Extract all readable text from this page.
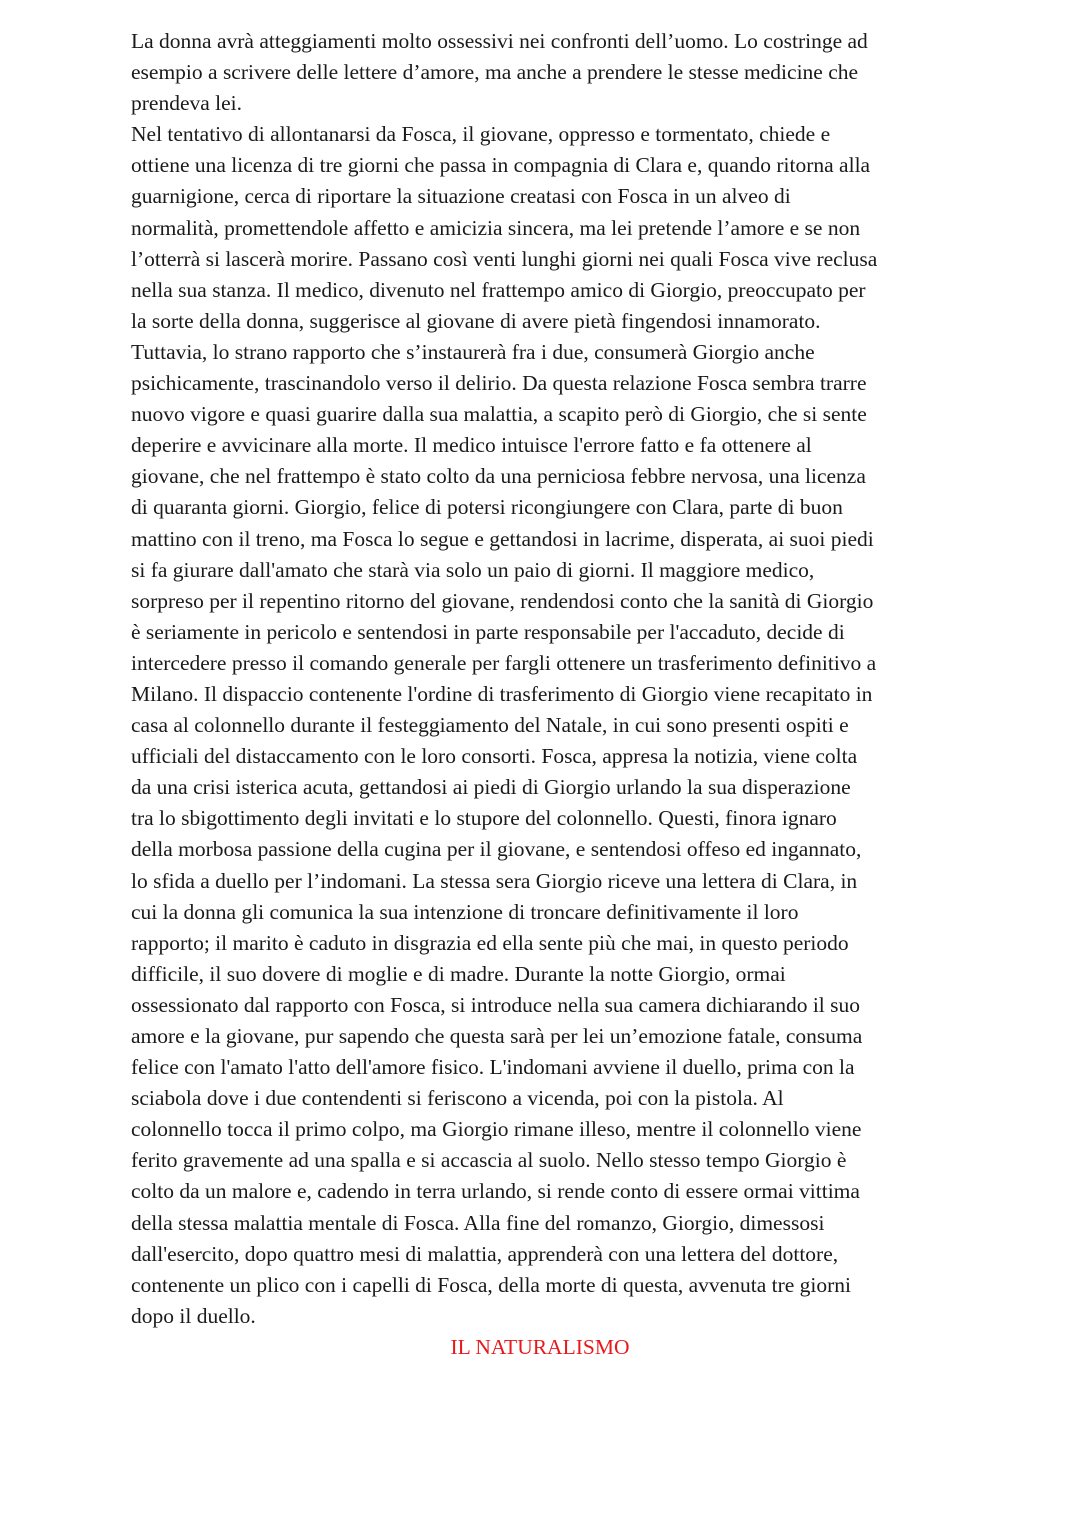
La donna avrà atteggiamenti molto ossessivi nei confronti dell’uomo. Lo costringe ad
esempio a scrivere delle lettere d’amore, ma anche a prendere le stesse medicine che
prendeva lei.
Nel tentativo di allontanarsi da Fosca, il giovane, oppresso e tormentato, chiede e
ottiene una licenza di tre giorni che passa in compagnia di Clara e, quando ritorna alla
guarnigione, cerca di riportare la situazione creatasi con Fosca in un alveo di
normalità, promettendole affetto e amicizia sincera, ma lei pretende l’amore e se non
l’otterrà si lascerà morire. Passano così venti lunghi giorni nei quali Fosca vive reclusa
nella sua stanza. Il medico, divenuto nel frattempo amico di Giorgio, preoccupato per
la sorte della donna, suggerisce al giovane di avere pietà fingendosi innamorato.
Tuttavia, lo strano rapporto che s’instaurerà fra i due, consumerà Giorgio anche
psichicamente, trascinandolo verso il delirio. Da questa relazione Fosca sembra trarre
nuovo vigore e quasi guarire dalla sua malattia, a scapito però di Giorgio, che si sente
deperire e avvicinare alla morte. Il medico intuisce l'errore fatto e fa ottenere al
giovane, che nel frattempo è stato colto da una perniciosa febbre nervosa, una licenza
di quaranta giorni. Giorgio, felice di potersi ricongiungere con Clara, parte di buon
mattino con il treno, ma Fosca lo segue e gettandosi in lacrime, disperata, ai suoi piedi
si fa giurare dall'amato che starà via solo un paio di giorni. Il maggiore medico,
sorpreso per il repentino ritorno del giovane, rendendosi conto che la sanità di Giorgio
è seriamente in pericolo e sentendosi in parte responsabile per l'accaduto, decide di
intercedere presso il comando generale per fargli ottenere un trasferimento definitivo a
Milano. Il dispaccio contenente l'ordine di trasferimento di Giorgio viene recapitato in
casa al colonnello durante il festeggiamento del Natale, in cui sono presenti ospiti e
ufficiali del distaccamento con le loro consorti. Fosca, appresa la notizia, viene colta
da una crisi isterica acuta, gettandosi ai piedi di Giorgio urlando la sua disperazione
tra lo sbigottimento degli invitati e lo stupore del colonnello. Questi, finora ignaro
della morbosa passione della cugina per il giovane, e sentendosi offeso ed ingannato,
lo sfida a duello per l’indomani. La stessa sera Giorgio riceve una lettera di Clara, in
cui la donna gli comunica la sua intenzione di troncare definitivamente il loro
rapporto; il marito è caduto in disgrazia ed ella sente più che mai, in questo periodo
difficile, il suo dovere di moglie e di madre. Durante la notte Giorgio, ormai
ossessionato dal rapporto con Fosca, si introduce nella sua camera dichiarando il suo
amore e la giovane, pur sapendo che questa sarà per lei un’emozione fatale, consuma
felice con l'amato l'atto dell'amore fisico. L'indomani avviene il duello, prima con la
sciabola dove i due contendenti si feriscono a vicenda, poi con la pistola. Al
colonnello tocca il primo colpo, ma Giorgio rimane illeso, mentre il colonnello viene
ferito gravemente ad una spalla e si accascia al suolo. Nello stesso tempo Giorgio è
colto da un malore e, cadendo in terra urlando, si rende conto di essere ormai vittima
della stessa malattia mentale di Fosca. Alla fine del romanzo, Giorgio, dimessosi
dall'esercito, dopo quattro mesi di malattia, apprenderà con una lettera del dottore,
contenente un plico con i capelli di Fosca, della morte di questa, avvenuta tre giorni
dopo il duello.
IL NATURALISMO
